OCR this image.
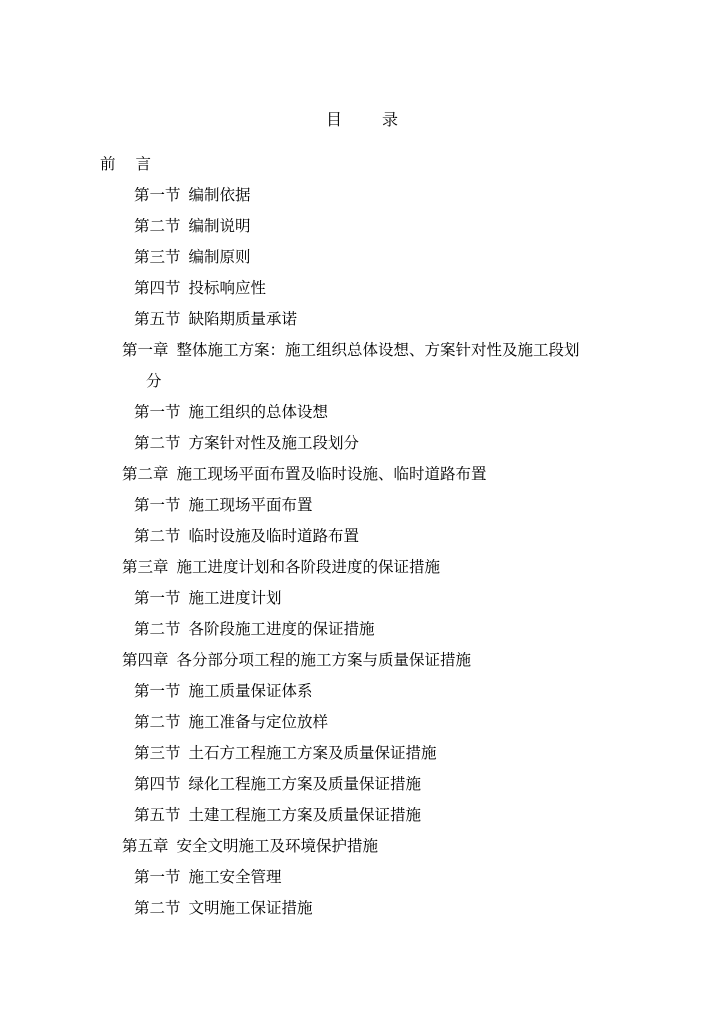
目	录
前 言
第一节 编制依据
第二节 编制说明
第三节 编制原则
第四节 投标响应性
第五节 缺陷期质量承诺
第一章 整体施工方案：施工组织总体设想、方案针对性及施工段划
分
第一节 施工组织的总体设想
第二节 方案针对性及施工段划分
第二章 施工现场平面布置及临时设施、临时道路布置
第一节 施工现场平面布置
第二节 临时设施及临时道路布置
第三章 施工进度计划和各阶段进度的保证措施
第一节 施工进度计划
第二节 各阶段施工进度的保证措施
第四章 各分部分项工程的施工方案与质量保证措施
第一节 施工质量保证体系
第二节 施工准备与定位放样
第三节 土石方工程施工方案及质量保证措施
第四节 绿化工程施工方案及质量保证措施
第五节 土建工程施工方案及质量保证措施
第五章 安全文明施工及环境保护措施
第一节 施工安全管理
第二节 文明施工保证措施
